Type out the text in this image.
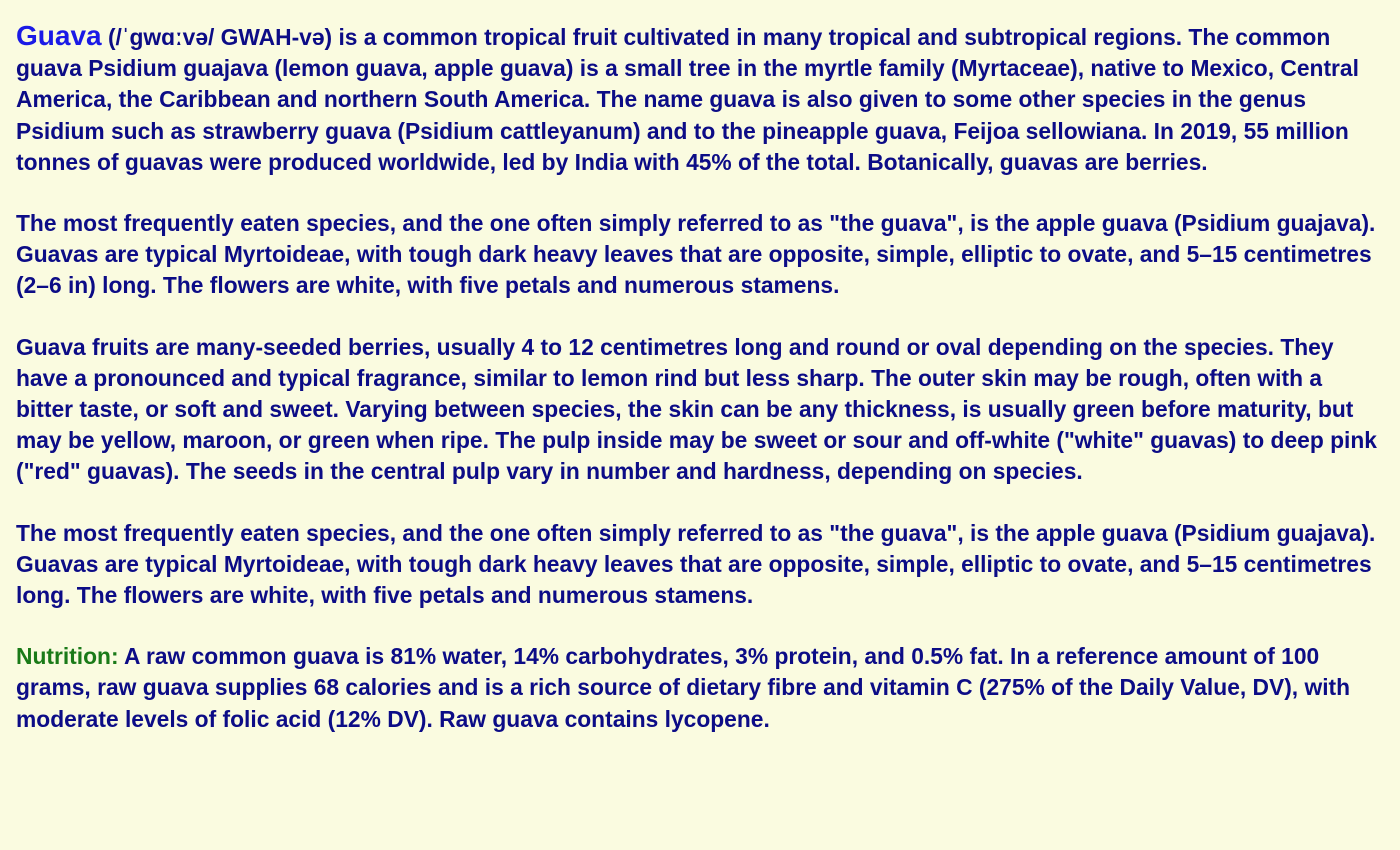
Guava (/ˈɡwɑːvə/ GWAH-və) is a common tropical fruit cultivated in many tropical and subtropical regions. The common guava Psidium guajava (lemon guava, apple guava) is a small tree in the myrtle family (Myrtaceae), native to Mexico, Central America, the Caribbean and northern South America. The name guava is also given to some other species in the genus Psidium such as strawberry guava (Psidium cattleyanum) and to the pineapple guava, Feijoa sellowiana. In 2019, 55 million tonnes of guavas were produced worldwide, led by India with 45% of the total. Botanically, guavas are berries.

The most frequently eaten species, and the one often simply referred to as "the guava", is the apple guava (Psidium guajava). Guavas are typical Myrtoideae, with tough dark heavy leaves that are opposite, simple, elliptic to ovate, and 5–15 centimetres (2–6 in) long. The flowers are white, with five petals and numerous stamens.

Guava fruits are many-seeded berries, usually 4 to 12 centimetres long and round or oval depending on the species. They have a pronounced and typical fragrance, similar to lemon rind but less sharp. The outer skin may be rough, often with a bitter taste, or soft and sweet. Varying between species, the skin can be any thickness, is usually green before maturity, but may be yellow, maroon, or green when ripe. The pulp inside may be sweet or sour and off-white ("white" guavas) to deep pink ("red" guavas). The seeds in the central pulp vary in number and hardness, depending on species.

The most frequently eaten species, and the one often simply referred to as "the guava", is the apple guava (Psidium guajava). Guavas are typical Myrtoideae, with tough dark heavy leaves that are opposite, simple, elliptic to ovate, and 5–15 centimetres long. The flowers are white, with five petals and numerous stamens.

Nutrition: A raw common guava is 81% water, 14% carbohydrates, 3% protein, and 0.5% fat. In a reference amount of 100 grams, raw guava supplies 68 calories and is a rich source of dietary fibre and vitamin C (275% of the Daily Value, DV), with moderate levels of folic acid (12% DV). Raw guava contains lycopene.
